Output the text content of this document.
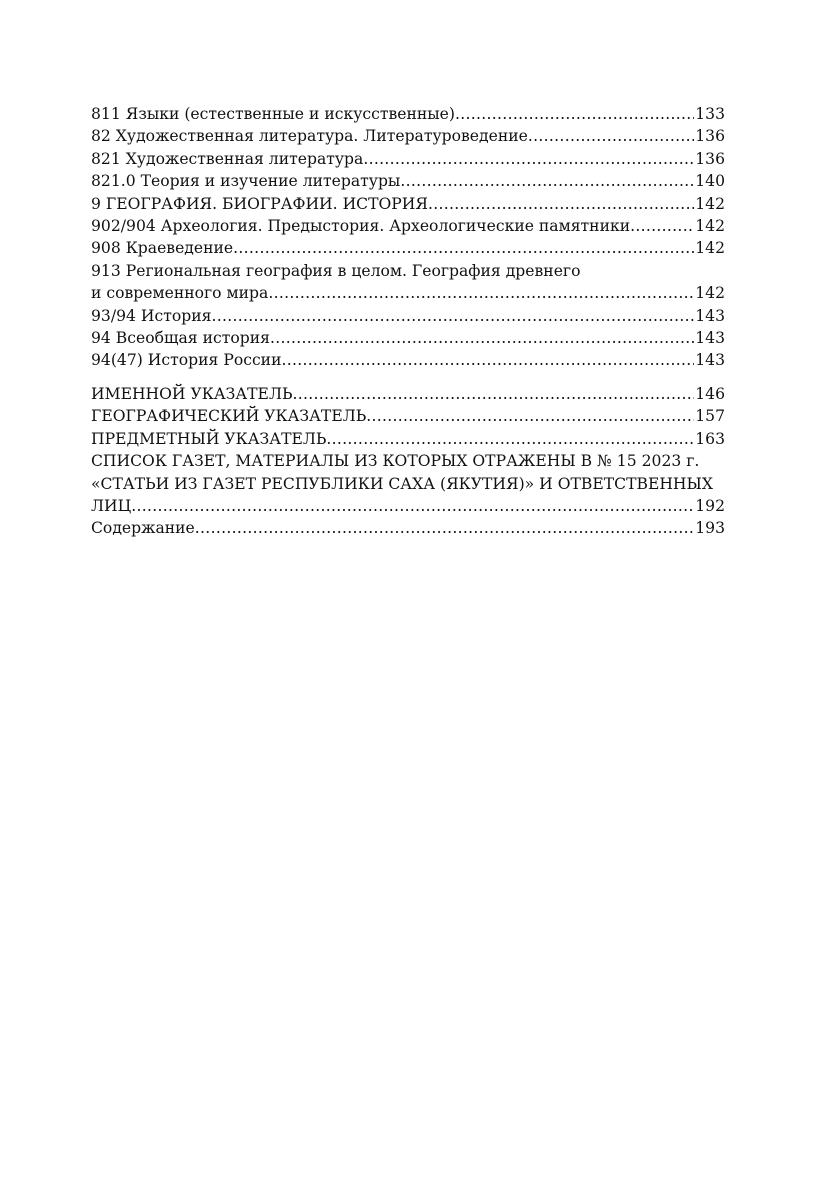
811 Языки (естественные и искусственные) .....	133
82 Художественная литература. Литературоведение .....	136
821 Художественная литература .....	136
821.0 Теория и изучение литературы .....	140
9 ГЕОГРАФИЯ. БИОГРАФИИ. ИСТОРИЯ .....	142
902/904 Археология. Предыстория. Археологические памятники .....	142
908 Краеведение .....	142
913 Региональная география в целом. География древнего
и современного мира .....	142
93/94 История .....	143
94 Всеобщая история .....	143
94(47) История России .....	143
ИМЕННОЙ УКАЗАТЕЛЬ .....	146
ГЕОГРАФИЧЕСКИЙ УКАЗАТЕЛЬ .....	157
ПРЕДМЕТНЫЙ УКАЗАТЕЛЬ .....	163
СПИСОК ГАЗЕТ, МАТЕРИАЛЫ ИЗ КОТОРЫХ ОТРАЖЕНЫ В № 15 2023 г.
«СТАТЬИ ИЗ ГАЗЕТ РЕСПУБЛИКИ САХА (ЯКУТИЯ)» И ОТВЕТСТВЕННЫХ
ЛИЦ .....	192
Содержание .....	193
